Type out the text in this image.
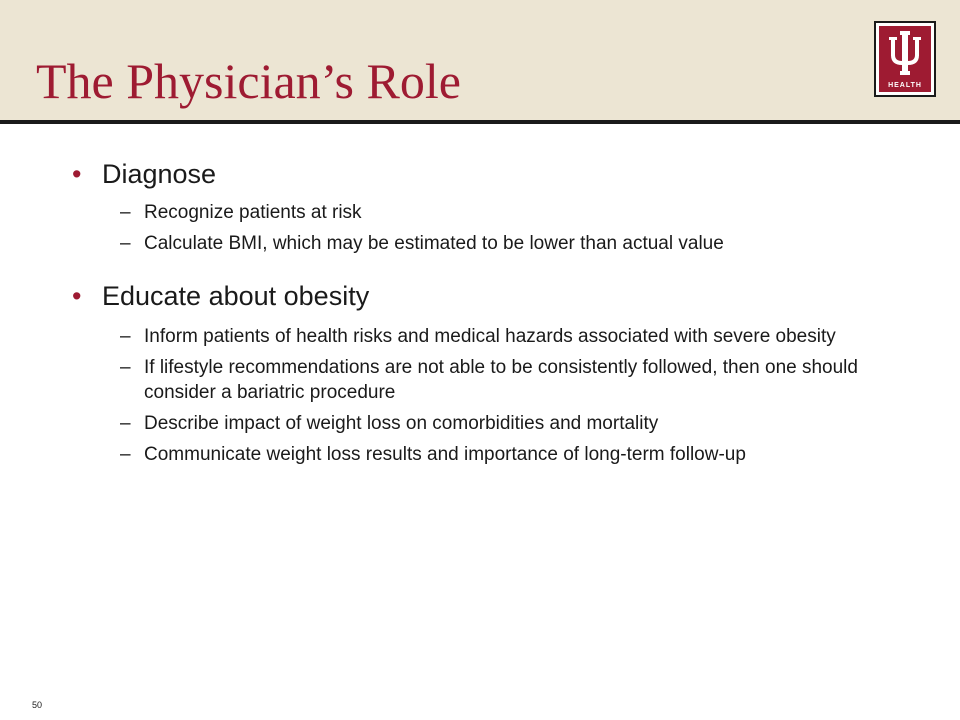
The Physician’s Role	HEALTH
• Diagnose
– Recognize patients at risk
– Calculate BMI, which may be estimated to be lower than actual value
• Educate about obesity
– Inform patients of health risks and medical hazards associated with severe obesity
– If lifestyle recommendations are not able to be consistently followed, then one should consider a bariatric procedure
– Describe impact of weight loss on comorbidities and mortality
– Communicate weight loss results and importance of long-term follow-up
50
